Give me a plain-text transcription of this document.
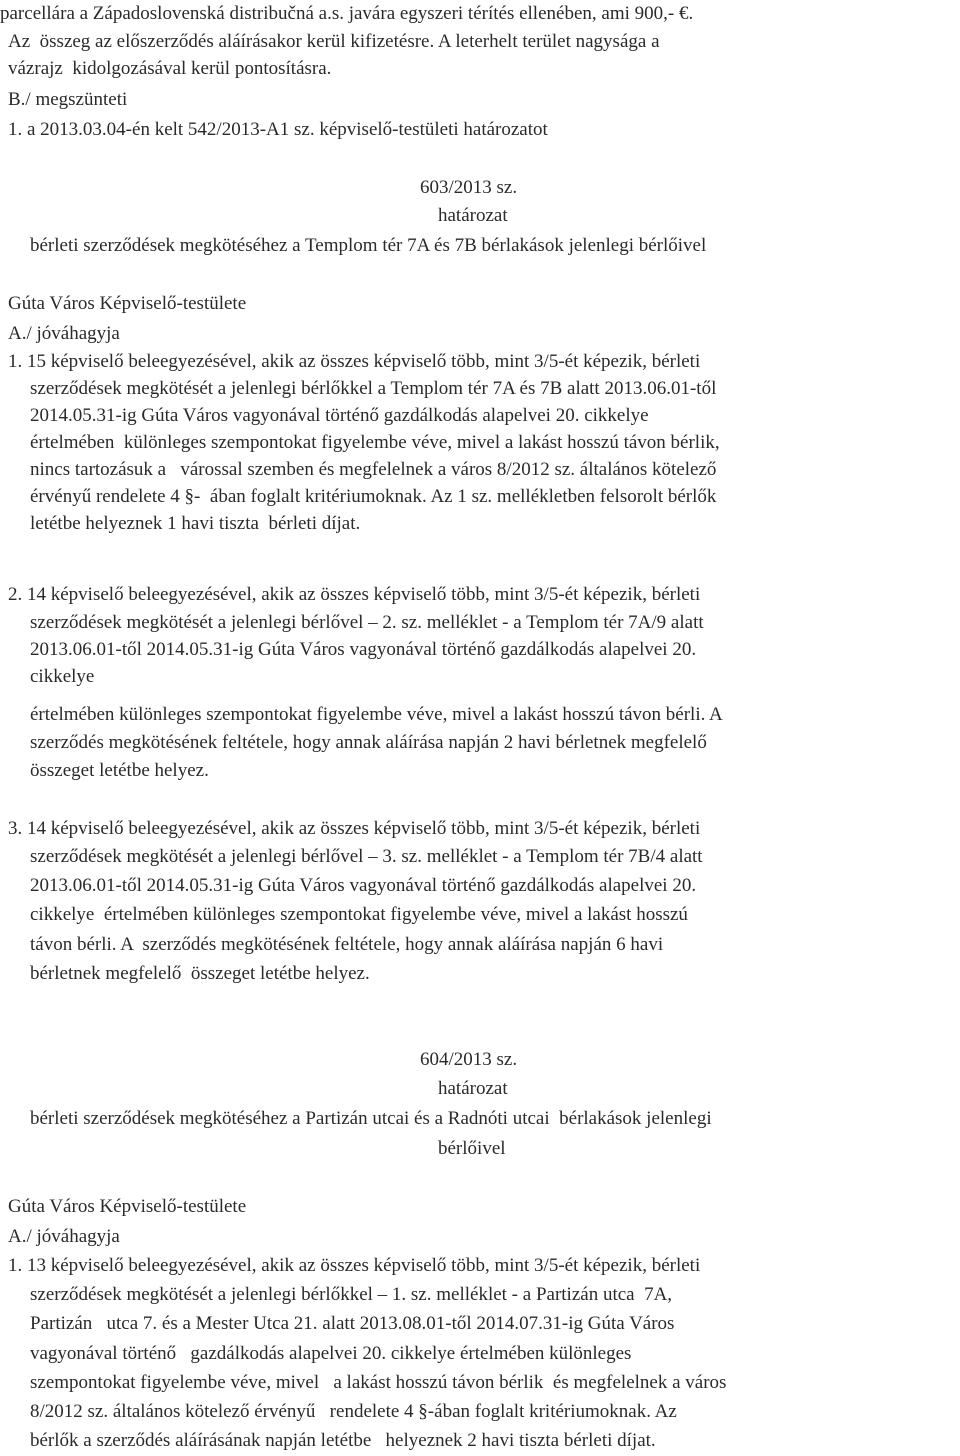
parcellára a Západoslovenská distribučná a.s. javára egyszeri térítés ellenében, ami 900,- €.
Az  összeg az előszerződés aláírásakor kerül kifizetésre. A leterhelt terület nagysága a
vázrajz  kidolgozásával kerül pontosításra.
B./ megszünteti
1. a 2013.03.04-én kelt 542/2013-A1 sz. képviselő-testületi határozatot
603/2013 sz.
határozat
bérleti szerződések megkötéséhez a Templom tér 7A és 7B bérlakások jelenlegi bérlőivel
Gúta Város Képviselő-testülete
A./ jóváhagyja
1. 15 képviselő beleegyezésével, akik az összes képviselő több, mint 3/5-ét képezik, bérleti
szerződések megkötését a jelenlegi bérlőkkel a Templom tér 7A és 7B alatt 2013.06.01-től
2014.05.31-ig Gúta Város vagyonával történő gazdálkodás alapelvei 20. cikkelye
értelmében  különleges szempontokat figyelembe véve, mivel a lakást hosszú távon bérlik,
nincs tartozásuk a   várossal szemben és megfelelnek a város 8/2012 sz. általános kötelező
érvényű rendelete 4 §-  ában foglalt kritériumoknak. Az 1 sz. mellékletben felsorolt bérlők
letétbe helyeznek 1 havi tiszta  bérleti díjat.
2. 14 képviselő beleegyezésével, akik az összes képviselő több, mint 3/5-ét képezik, bérleti
szerződések megkötését a jelenlegi bérlővel – 2. sz. melléklet - a Templom tér 7A/9 alatt
2013.06.01-től 2014.05.31-ig Gúta Város vagyonával történő gazdálkodás alapelvei 20.
cikkelye
értelmében különleges szempontokat figyelembe véve, mivel a lakást hosszú távon bérli. A
szerződés megkötésének feltétele, hogy annak aláírása napján 2 havi bérletnek megfelelő
összeget letétbe helyez.
3. 14 képviselő beleegyezésével, akik az összes képviselő több, mint 3/5-ét képezik, bérleti
szerződések megkötését a jelenlegi bérlővel – 3. sz. melléklet - a Templom tér 7B/4 alatt
2013.06.01-től 2014.05.31-ig Gúta Város vagyonával történő gazdálkodás alapelvei 20.
cikkelye  értelmében különleges szempontokat figyelembe véve, mivel a lakást hosszú
távon bérli. A  szerződés megkötésének feltétele, hogy annak aláírása napján 6 havi
bérletnek megfelelő  összeget letétbe helyez.
604/2013 sz.
határozat
bérleti szerződések megkötéséhez a Partizán utcai és a Radnóti utcai  bérlakások jelenlegi
bérlőivel
Gúta Város Képviselő-testülete
A./ jóváhagyja
1. 13 képviselő beleegyezésével, akik az összes képviselő több, mint 3/5-ét képezik, bérleti
szerződések megkötését a jelenlegi bérlőkkel – 1. sz. melléklet - a Partizán utca  7A,
Partizán   utca 7. és a Mester Utca 21. alatt 2013.08.01-től 2014.07.31-ig Gúta Város
vagyonával történő   gazdálkodás alapelvei 20. cikkelye értelmében különleges
szempontokat figyelembe véve, mivel   a lakást hosszú távon bérlik  és megfelelnek a város
8/2012 sz. általános kötelező érvényű   rendelete 4 §-ában foglalt kritériumoknak. Az
bérlők a szerződés aláírásának napján letétbe   helyeznek 2 havi tiszta bérleti díjat.
